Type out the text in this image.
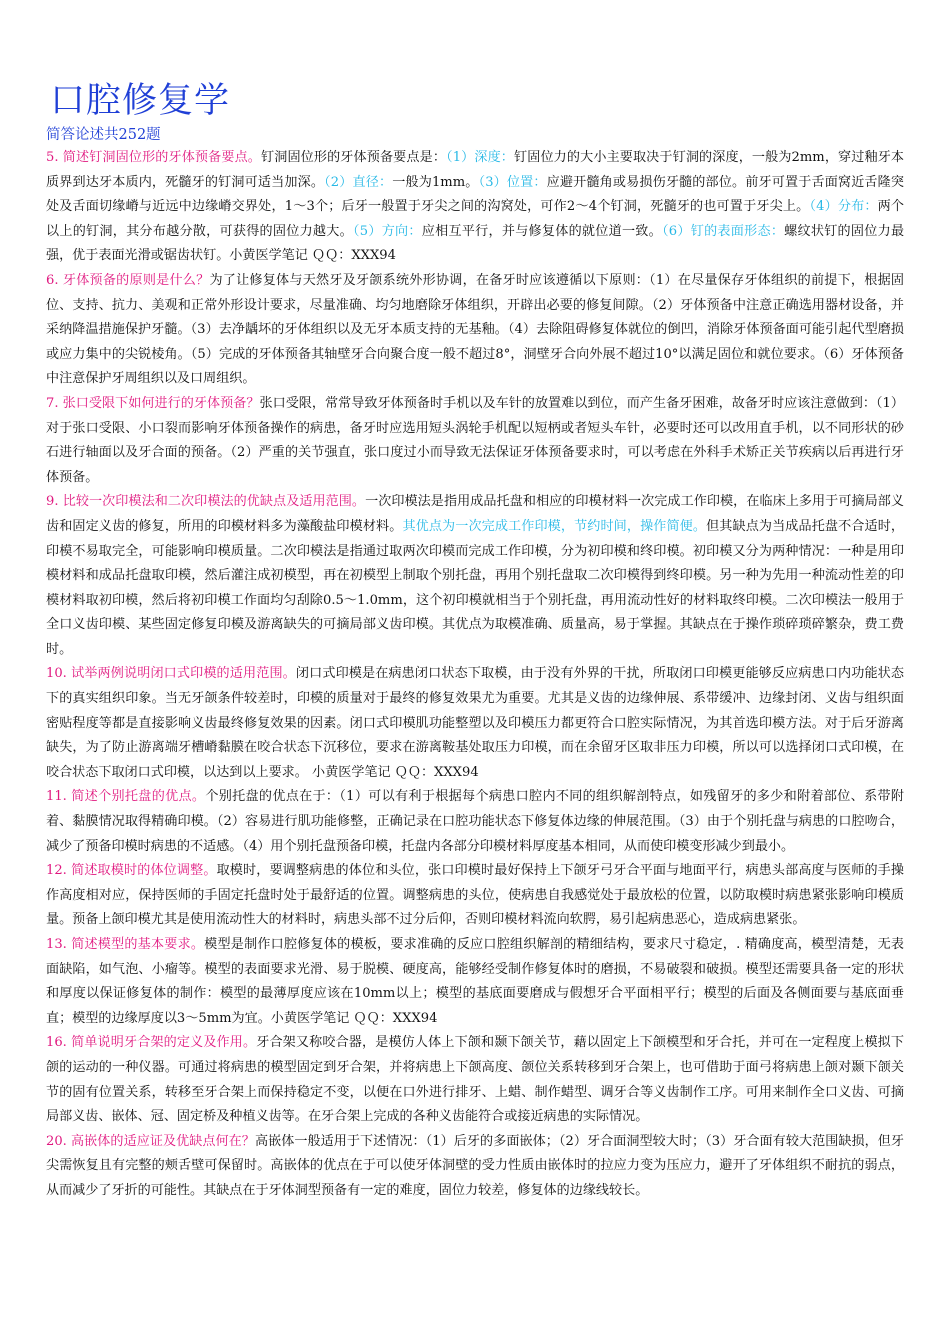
口腔修复学
简答论述共252题

5. 简述钉洞固位形的牙体预备要点。钉洞固位形的牙体预备要点是：（1）深度：钉固位力的大小主要取决于钉洞的深度，一般为2mm，穿过釉牙本质界到达牙本质内，死髓牙的钉洞可适当加深。（2）直径：一般为1mm。（3）位置：应避开髓角或易损伤牙髓的部位。前牙可置于舌面窝近舌隆突处及舌面切缘嵴与近远中边缘嵴交界处，1～3个；后牙一般置于牙尖之间的沟窝处，可作2～4个钉洞，死髓牙的也可置于牙尖上。（4）分布：两个以上的钉洞，其分布越分散，可获得的固位力越大。（5）方向：应相互平行，并与修复体的就位道一致。（6）钉的表面形态：螺纹状钉的固位力最强，优于表面光滑或锯齿状钉。小黄医学笔记 ＱＱ：XXX94

6. 牙体预备的原则是什么？为了让修复体与天然牙及牙颌系统外形协调，在备牙时应该遵循以下原则：（1）在尽量保存牙体组织的前提下，根据固位、支持、抗力、美观和正常外形设计要求，尽量准确、均匀地磨除牙体组织，开辟出必要的修复间隙。（2）牙体预备中注意正确选用器材设备，并采纳降温措施保护牙髓。（3）去净龋坏的牙体组织以及无牙本质支持的无基釉。（4）去除阻碍修复体就位的倒凹，消除牙体预备面可能引起代型磨损或应力集中的尖锐棱角。（5）完成的牙体预备其轴壁牙合向聚合度一般不超过8°，洞壁牙合向外展不超过10°以满足固位和就位要求。（6）牙体预备中注意保护牙周组织以及口周组织。

7. 张口受限下如何进行的牙体预备？张口受限，常常导致牙体预备时手机以及车针的放置难以到位，而产生备牙困难，故备牙时应该注意做到：（1）对于张口受限、小口裂而影响牙体预备操作的病患，备牙时应选用短头涡轮手机配以短柄或者短头车针，必要时还可以改用直手机，以不同形状的砂石进行轴面以及牙合面的预备。（2）严重的关节强直，张口度过小而导致无法保证牙体预备要求时，可以考虑在外科手术矫正关节疾病以后再进行牙体预备。

9. 比较一次印模法和二次印模法的优缺点及适用范围。一次印模法是指用成品托盘和相应的印模材料一次完成工作印模，在临床上多用于可摘局部义齿和固定义齿的修复，所用的印模材料多为藻酸盐印模材料。其优点为一次完成工作印模，节约时间，操作简便。但其缺点为当成品托盘不合适时，印模不易取完全，可能影响印模质量。二次印模法是指通过取两次印模而完成工作印模，分为初印模和终印模。初印模又分为两种情况：一种是用印模材料和成品托盘取印模，然后灌注成初模型，再在初模型上制取个别托盘，再用个别托盘取二次印模得到终印模。另一种为先用一种流动性差的印模材料取初印模，然后将初印模工作面均匀刮除0.5～1.0mm，这个初印模就相当于个别托盘，再用流动性好的材料取终印模。二次印模法一般用于全口义齿印模、某些固定修复印模及游离缺失的可摘局部义齿印模。其优点为取模准确、质量高，易于掌握。其缺点在于操作琐碎琐碎繁杂，费工费时。

10. 试举两例说明闭口式印模的适用范围。闭口式印模是在病患闭口状态下取模，由于没有外界的干扰，所取闭口印模更能够反应病患口内功能状态下的真实组织印象。当无牙颌条件较差时，印模的质量对于最终的修复效果尤为重要。尤其是义齿的边缘伸展、系带缓冲、边缘封闭、义齿与组织面密贴程度等都是直接影响义齿最终修复效果的因素。闭口式印模肌功能整塑以及印模压力都更符合口腔实际情况，为其首选印模方法。对于后牙游离缺失，为了防止游离端牙槽嵴黏膜在咬合状态下沉移位，要求在游离鞍基处取压力印模，而在余留牙区取非压力印模，所以可以选择闭口式印模，在咬合状态下取闭口式印模，以达到以上要求。 小黄医学笔记 ＱＱ：XXX94

11. 简述个别托盘的优点。个别托盘的优点在于：（1）可以有利于根据每个病患口腔内不同的组织解剖特点，如残留牙的多少和附着部位、系带附着、黏膜情况取得精确印模。（2）容易进行肌功能修整，正确记录在口腔功能状态下修复体边缘的伸展范围。（3）由于个别托盘与病患的口腔吻合，减少了预备印模时病患的不适感。（4）用个别托盘预备印模，托盘内各部分印模材料厚度基本相同，从而使印模变形减少到最小。

12. 简述取模时的体位调整。取模时，要调整病患的体位和头位，张口印模时最好保持上下颌牙弓牙合平面与地面平行，病患头部高度与医师的手操作高度相对应，保持医师的手固定托盘时处于最舒适的位置。调整病患的头位，使病患自我感觉处于最放松的位置，以防取模时病患紧张影响印模质量。预备上颌印模尤其是使用流动性大的材料时，病患头部不过分后仰，否则印模材料流向软腭，易引起病患恶心，造成病患紧张。

13. 简述模型的基本要求。模型是制作口腔修复体的模板，要求准确的反应口腔组织解剖的精细结构，要求尺寸稳定，. 精确度高，模型清楚，无表面缺陷，如气泡、小瘤等。模型的表面要求光滑、易于脱模、硬度高，能够经受制作修复体时的磨损，不易破裂和破损。模型还需要具备一定的形状和厚度以保证修复体的制作：模型的最薄厚度应该在10mm以上；模型的基底面要磨成与假想牙合平面相平行；模型的后面及各侧面要与基底面垂直；模型的边缘厚度以3～5mm为宜。小黄医学笔记 ＱＱ：XXX94

16. 简单说明牙合架的定义及作用。牙合架又称咬合器，是模仿人体上下颌和颞下颌关节，藉以固定上下颌模型和牙合托，并可在一定程度上模拟下颌的运动的一种仪器。可通过将病患的模型固定到牙合架，并将病患上下颌高度、颌位关系转移到牙合架上，也可借助于面弓将病患上颌对颞下颌关节的固有位置关系，转移至牙合架上而保持稳定不变，以便在口外进行排牙、上蜡、制作蜡型、调牙合等义齿制作工序。可用来制作全口义齿、可摘局部义齿、嵌体、冠、固定桥及种植义齿等。在牙合架上完成的各种义齿能符合或接近病患的实际情况。

20. 高嵌体的适应证及优缺点何在？高嵌体一般适用于下述情况：（1）后牙的多面嵌体；（2）牙合面洞型较大时；（3）牙合面有较大范围缺损，但牙尖需恢复且有完整的颊舌壁可保留时。高嵌体的优点在于可以使牙体洞壁的受力性质由嵌体时的拉应力变为压应力，避开了牙体组织不耐抗的弱点，从而减少了牙折的可能性。其缺点在于牙体洞型预备有一定的难度，固位力较差，修复体的边缘线较长。
